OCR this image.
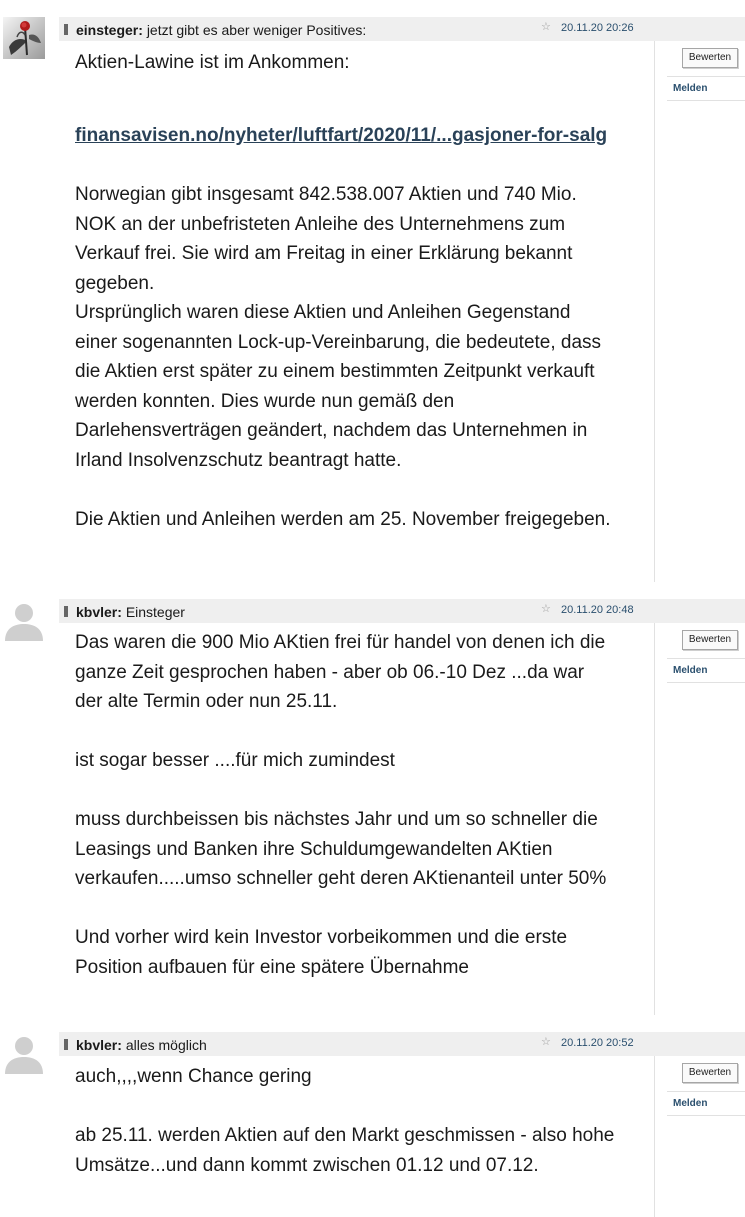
einsteger: jetzt gibt es aber weniger Positives:	☆ 20.11.20 20:26

Aktien-Lawine ist im Ankommen:

finansavisen.no/nyheter/luftfart/2020/11/...gasjoner-for-salg

Norwegian gibt insgesamt 842.538.007 Aktien und 740 Mio. NOK an der unbefristeten Anleihe des Unternehmens zum Verkauf frei. Sie wird am Freitag in einer Erklärung bekannt gegeben.

Ursprünglich waren diese Aktien und Anleihen Gegenstand einer sogenannten Lock-up-Vereinbarung, die bedeutete, dass die Aktien erst später zu einem bestimmten Zeitpunkt verkauft werden konnten. Dies wurde nun gemäß den Darlehensverträgen geändert, nachdem das Unternehmen in Irland Insolvenzschutz beantragt hatte.

Die Aktien und Anleihen werden am 25. November freigegeben.

Bewerten
Melden
kbvler: Einsteger	☆ 20.11.20 20:48

Das waren die 900 Mio AKtien frei für handel von denen ich die ganze Zeit gesprochen haben - aber ob 06.-10 Dez ...da war der alte Termin oder nun 25.11.

ist sogar besser ....für mich zumindest

muss durchbeissen bis nächstes Jahr und um so schneller die Leasings und Banken ihre Schuldumgewandelten AKtien verkaufen.....umso schneller geht deren AKtienanteil unter 50%

Und vorher wird kein Investor vorbeikommen und die erste Position aufbauen für eine spätere Übernahme

Bewerten
Melden
kbvler: alles möglich	☆ 20.11.20 20:52

auch,,,,wenn Chance gering

ab 25.11. werden Aktien auf den Markt geschmissen - also hohe Umsätze...und dann kommt zwischen 01.12 und 07.12.

Bewerten
Melden
